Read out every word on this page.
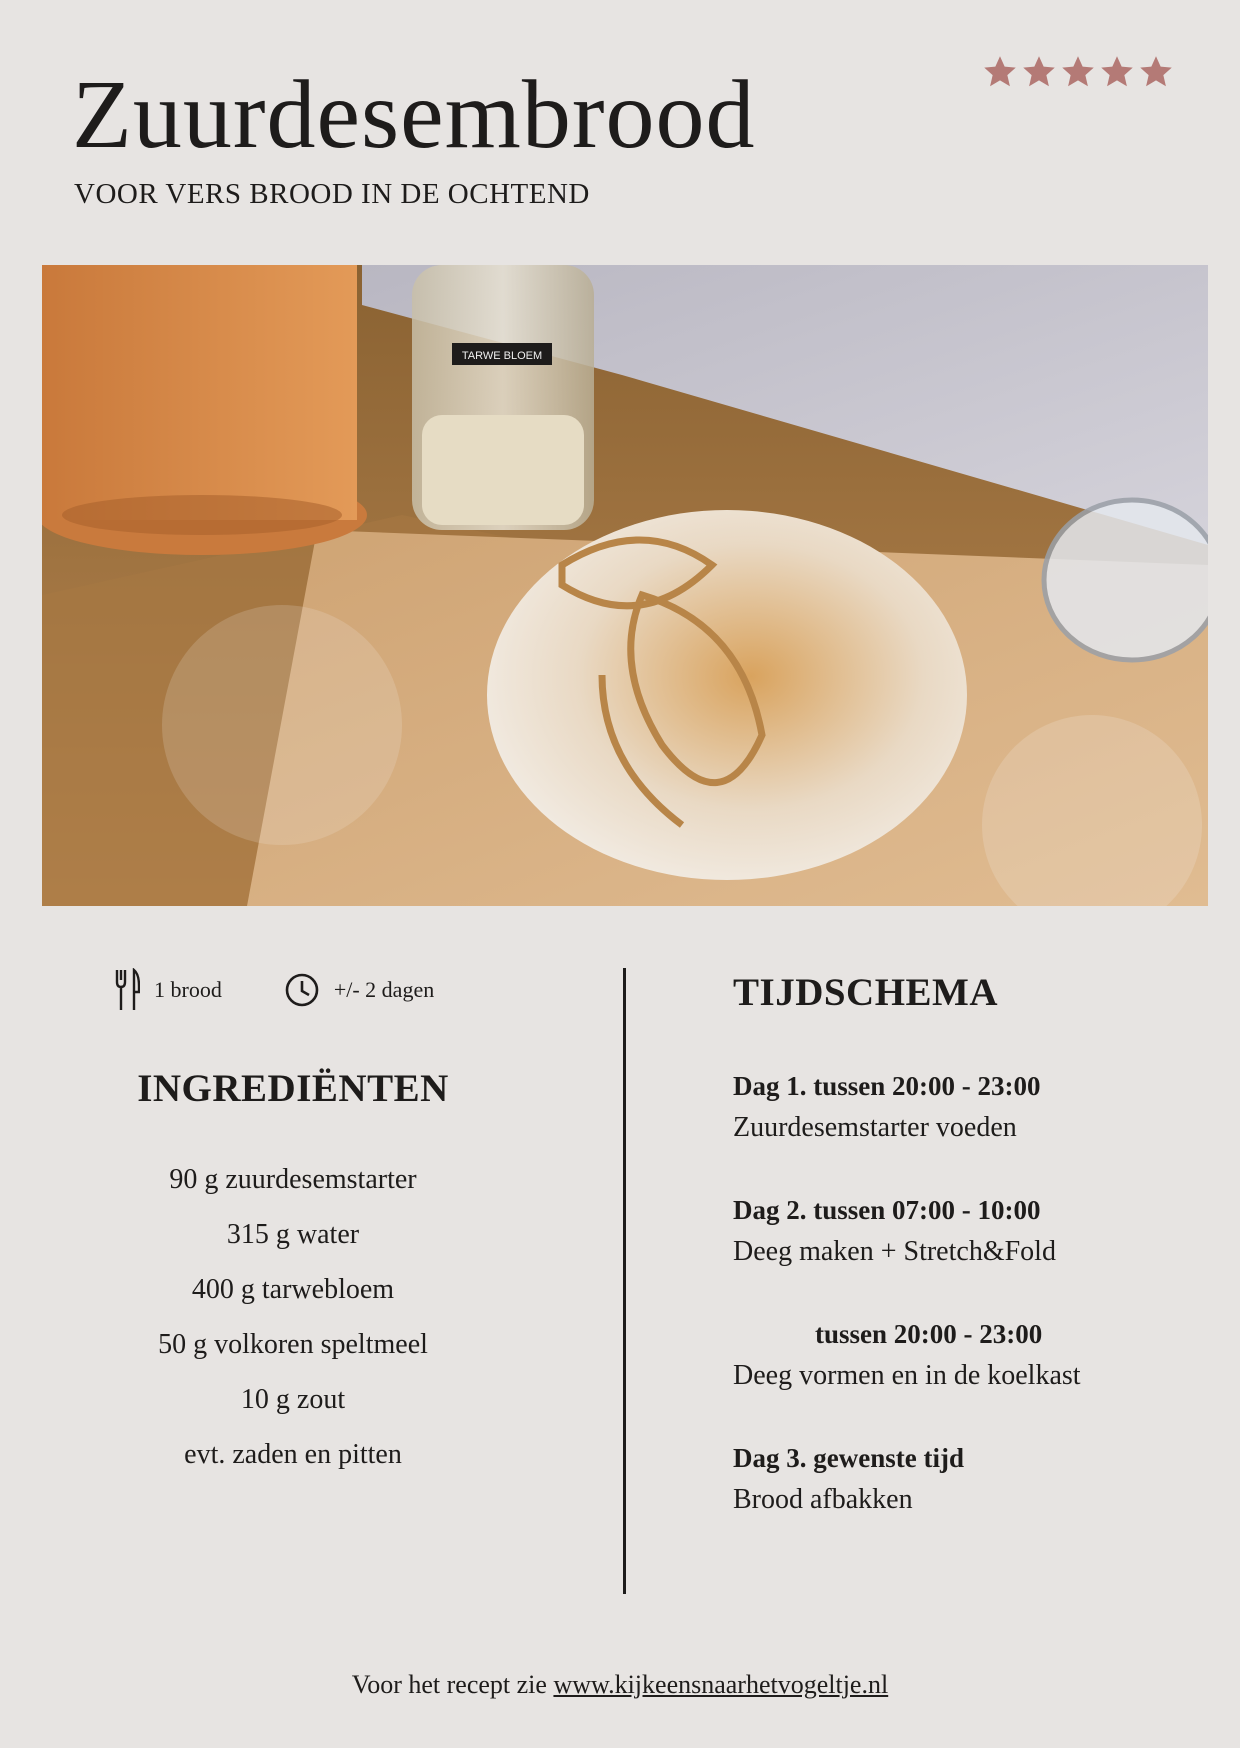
Zuurdesembrood

VOOR VERS BROOD IN DE OCHTEND

TARWE BLOEM
1 brood	+/- 2 dagen
INGREDIËNTEN
90 g zuurdesemstarter
315 g water
400 g tarwebloem
50 g volkoren speltmeel
10 g zout
evt. zaden en pitten
TIJDSCHEMA
Dag 1. tussen 20:00 - 23:00
Zuurdesemstarter voeden
Dag 2. tussen 07:00 - 10:00
Deeg maken + Stretch&Fold
tussen 20:00 - 23:00
Deeg vormen en in de koelkast
Dag 3. gewenste tijd
Brood afbakken
Voor het recept zie www.kijkeensnaarhetvogeltje.nl
